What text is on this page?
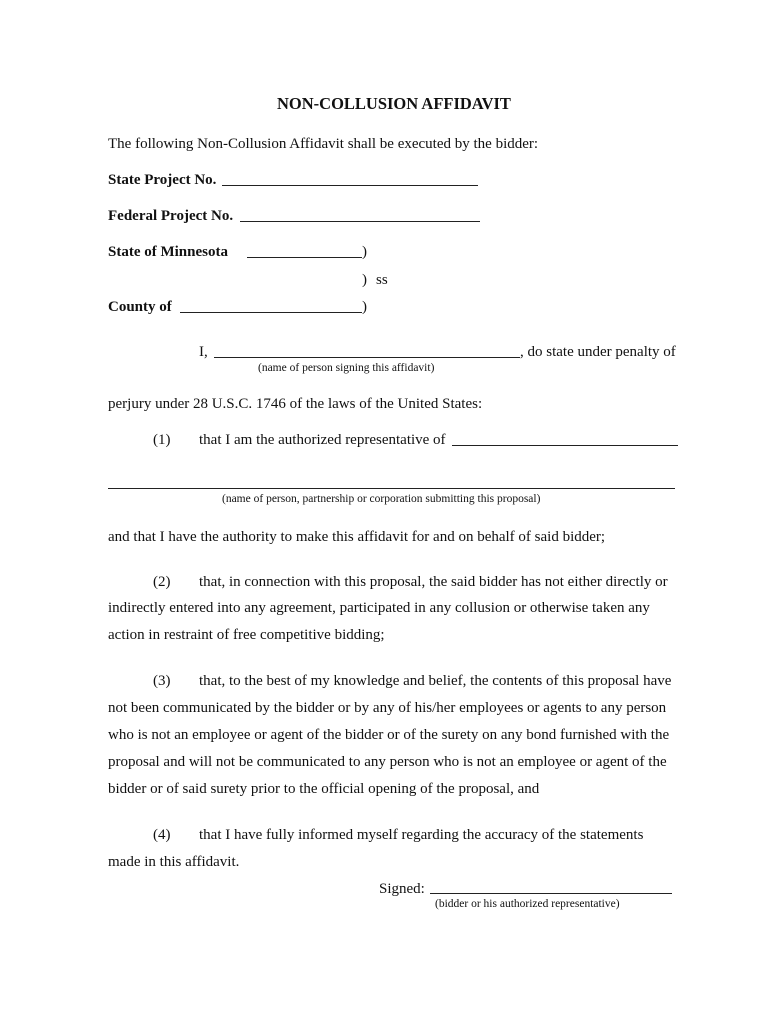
NON-COLLUSION AFFIDAVIT
The following Non-Collusion Affidavit shall be executed by the bidder:
State Project No.
Federal Project No.
State of Minnesota	)
) ss
County of	)
I,	, do state under penalty of
(name of person signing this affidavit)
perjury under 28 U.S.C. 1746 of the laws of the United States:
(1) that I am the authorized representative of
(name of person, partnership or corporation submitting this proposal)
and that I have the authority to make this affidavit for and on behalf of said bidder;
(2) that, in connection with this proposal, the said bidder has not either directly or
indirectly entered into any agreement, participated in any collusion or otherwise taken any
action in restraint of free competitive bidding;
(3) that, to the best of my knowledge and belief, the contents of this proposal have
not been communicated by the bidder or by any of his/her employees or agents to any person
who is not an employee or agent of the bidder or of the surety on any bond furnished with the
proposal and will not be communicated to any person who is not an employee or agent of the
bidder or of said surety prior to the official opening of the proposal, and
(4) that I have fully informed myself regarding the accuracy of the statements
made in this affidavit.
Signed:
(bidder or his authorized representative)
